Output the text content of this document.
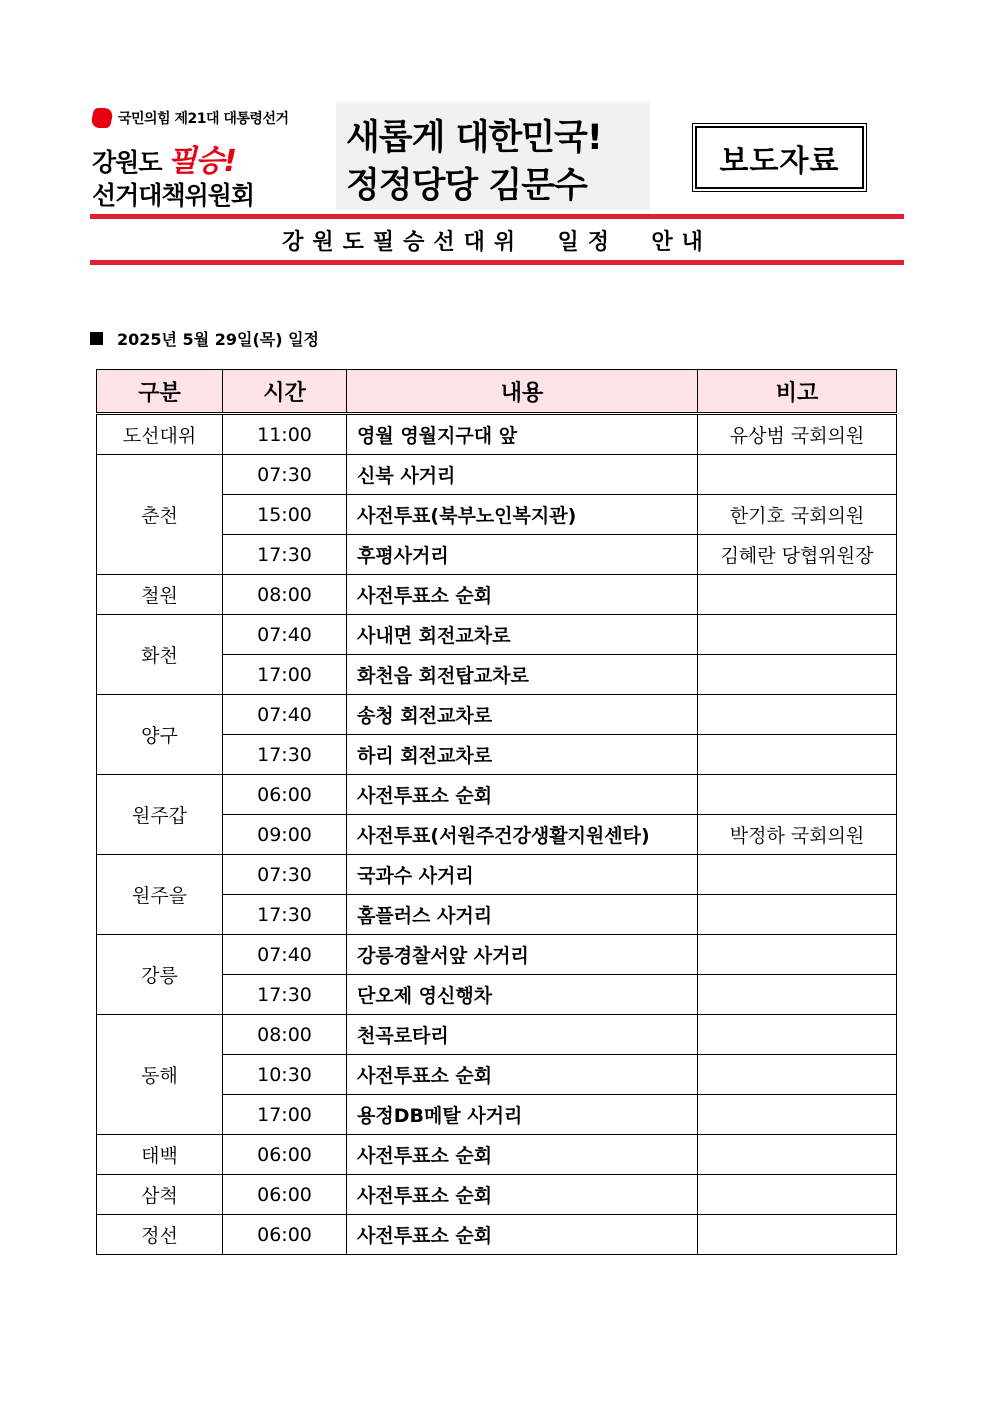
국민의힘 제21대 대통령선거
강원도 필승!
선거대책위원회
새롭게 대한민국!
정정당당 김문수
보도자료
강원도필승선대위  일정  안내
2025년 5월 29일(목) 일정
구분	시간	내용	비고
도선대위	11:00	영월 영월지구대 앞	유상범 국회의원
춘천	07:30	신북 사거리	
	15:00	사전투표(북부노인복지관)	한기호 국회의원
	17:30	후평사거리	김혜란 당협위원장
철원	08:00	사전투표소 순회	
화천	07:40	사내면 회전교차로	
	17:00	화천읍 회전탑교차로	
양구	07:40	송청 회전교차로	
	17:30	하리 회전교차로	
원주갑	06:00	사전투표소 순회	
	09:00	사전투표(서원주건강생활지원센타)	박정하 국회의원
원주을	07:30	국과수 사거리	
	17:30	홈플러스 사거리	
강릉	07:40	강릉경찰서앞 사거리	
	17:30	단오제 영신행차	
동해	08:00	천곡로타리	
	10:30	사전투표소 순회	
	17:00	용정DB메탈 사거리	
태백	06:00	사전투표소 순회	
삼척	06:00	사전투표소 순회	
정선	06:00	사전투표소 순회	
